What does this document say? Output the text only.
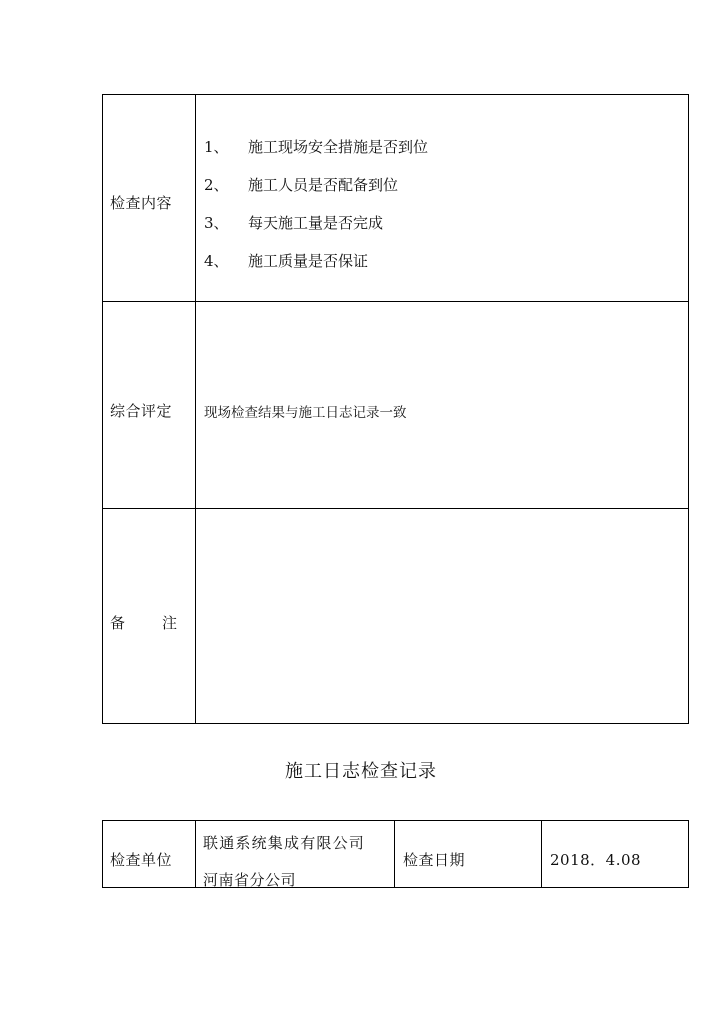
检查内容
1、 施工现场安全措施是否到位
2、 施工人员是否配备到位
3、 每天施工量是否完成
4、 施工质量是否保证
综合评定 现场检查结果与施工日志记录一致
备 注
施工日志检查记录
检查单位
联通系统集成有限公司
河南省分公司
检查日期	2018．4.08
